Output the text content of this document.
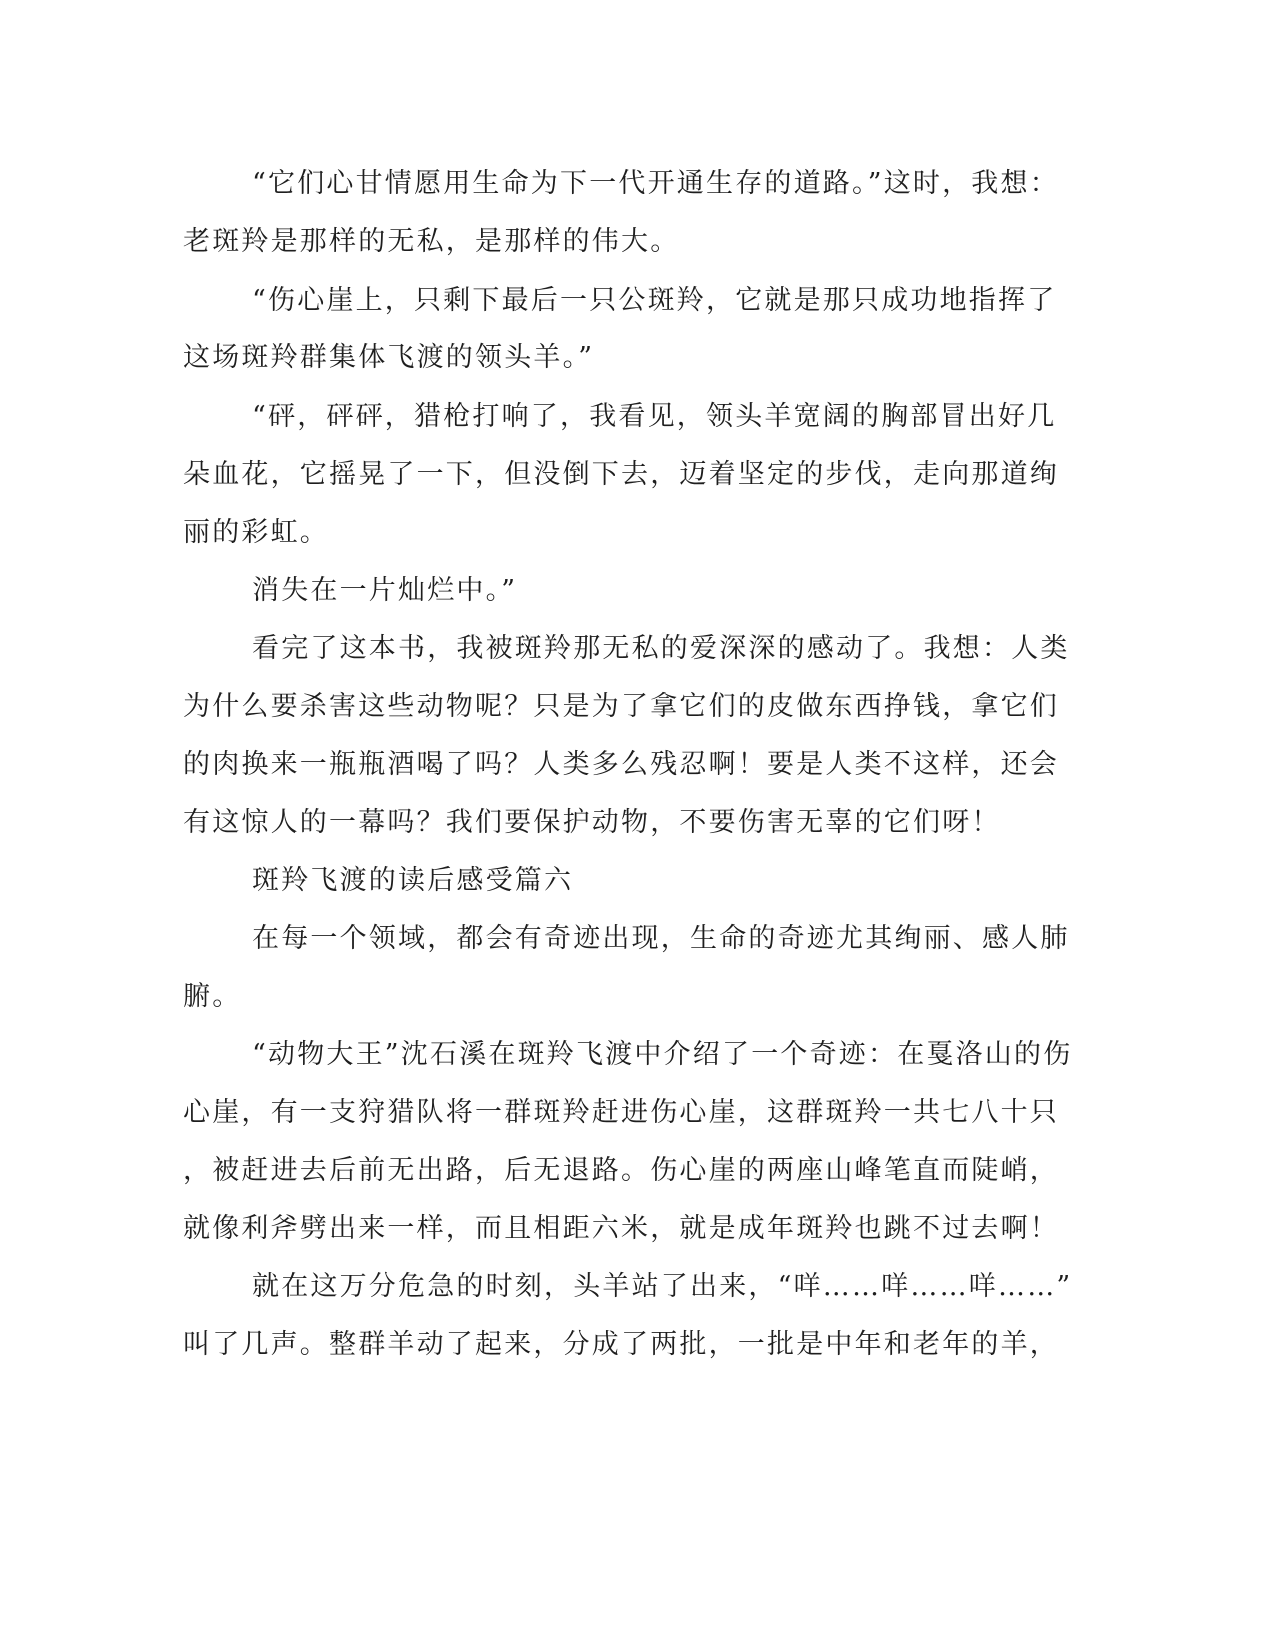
“它们心甘情愿用生命为下一代开通生存的道路。”这时，我想：
老斑羚是那样的无私，是那样的伟大。
“伤心崖上，只剩下最后一只公斑羚，它就是那只成功地指挥了
这场斑羚群集体飞渡的领头羊。”
“砰，砰砰，猎枪打响了，我看见，领头羊宽阔的胸部冒出好几
朵血花，它摇晃了一下，但没倒下去，迈着坚定的步伐，走向那道绚
丽的彩虹。
消失在一片灿烂中。”
看完了这本书，我被斑羚那无私的爱深深的感动了。我想：人类
为什么要杀害这些动物呢？只是为了拿它们的皮做东西挣钱，拿它们
的肉换来一瓶瓶酒喝了吗？人类多么残忍啊！要是人类不这样，还会
有这惊人的一幕吗？我们要保护动物，不要伤害无辜的它们呀！
斑羚飞渡的读后感受篇六
在每一个领域，都会有奇迹出现，生命的奇迹尤其绚丽、感人肺
腑。
“动物大王”沈石溪在斑羚飞渡中介绍了一个奇迹：在戛洛山的伤
心崖，有一支狩猎队将一群斑羚赶进伤心崖，这群斑羚一共七八十只
，被赶进去后前无出路，后无退路。伤心崖的两座山峰笔直而陡峭，
就像利斧劈出来一样，而且相距六米，就是成年斑羚也跳不过去啊！
就在这万分危急的时刻，头羊站了出来，“咩……咩……咩……”
叫了几声。整群羊动了起来，分成了两批，一批是中年和老年的羊，
